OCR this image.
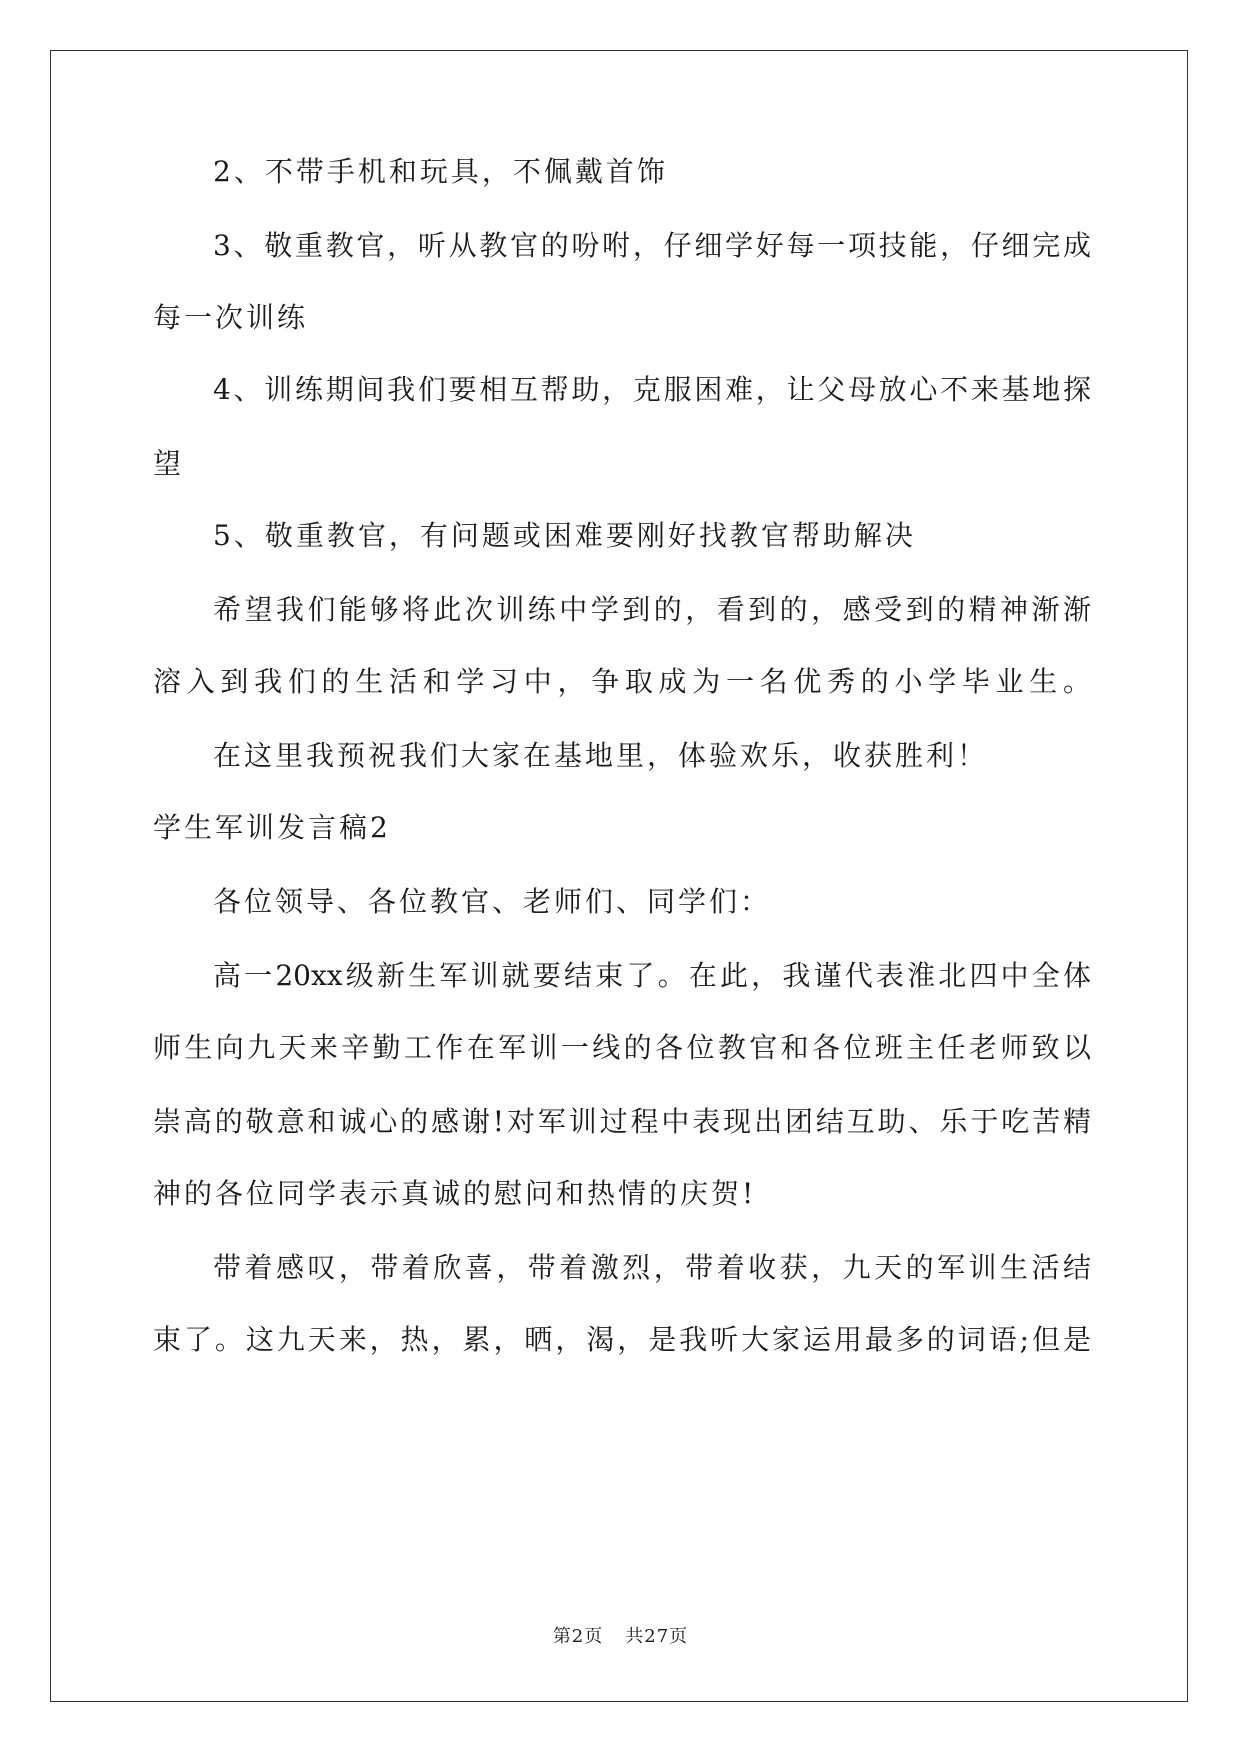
2、不带手机和玩具，不佩戴首饰
3、敬重教官，听从教官的吩咐，仔细学好每一项技能，仔细完成
每一次训练
4、训练期间我们要相互帮助，克服困难，让父母放心不来基地探
望
5、敬重教官，有问题或困难要刚好找教官帮助解决
希望我们能够将此次训练中学到的，看到的，感受到的精神渐渐
溶入到我们的生活和学习中，争取成为一名优秀的小学毕业生。
在这里我预祝我们大家在基地里，体验欢乐，收获胜利！
学生军训发言稿2
各位领导、各位教官、老师们、同学们：
高一20xx级新生军训就要结束了。在此，我谨代表淮北四中全体
师生向九天来辛勤工作在军训一线的各位教官和各位班主任老师致以
崇高的敬意和诚心的感谢!对军训过程中表现出团结互助、乐于吃苦精
神的各位同学表示真诚的慰问和热情的庆贺!
带着感叹，带着欣喜，带着激烈，带着收获，九天的军训生活结
束了。这九天来，热，累，晒，渴，是我听大家运用最多的词语;但是
第2页 共27页
